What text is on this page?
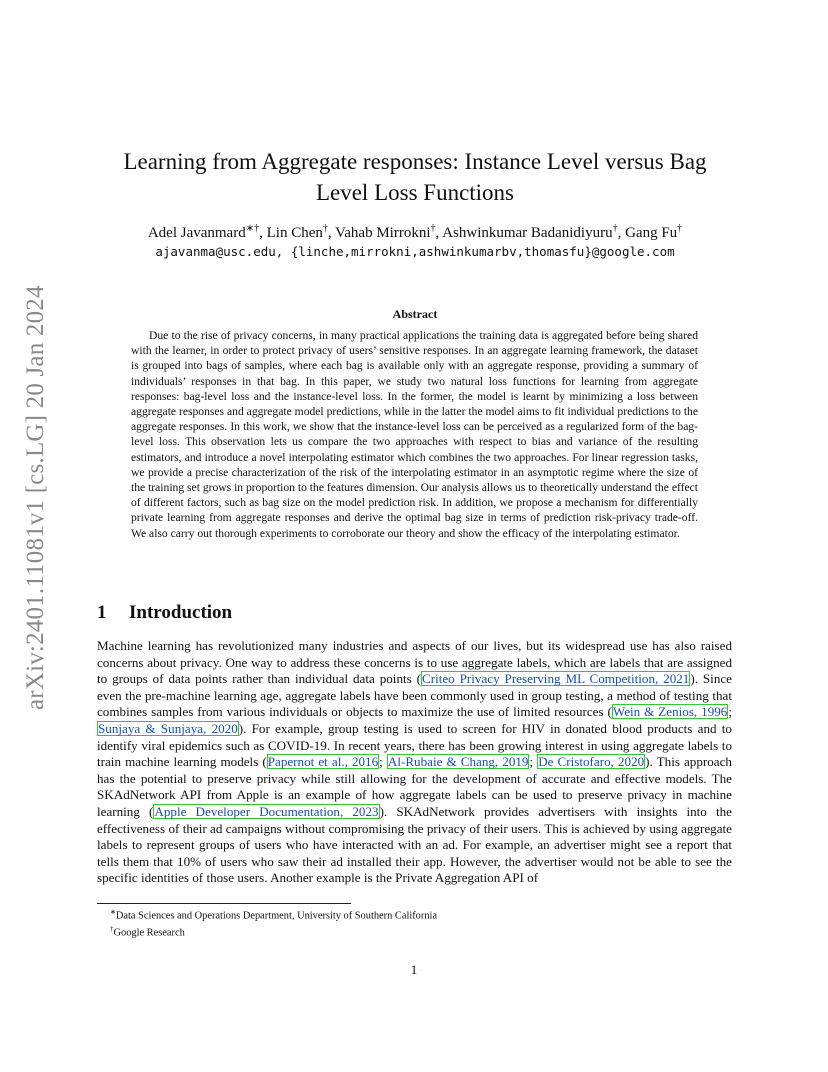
arXiv:2401.11081v1 [cs.LG] 20 Jan 2024
Learning from Aggregate responses: Instance Level versus Bag Level Loss Functions
Adel Javanmard∗†, Lin Chen†, Vahab Mirrokni†, Ashwinkumar Badanidiyuru†, Gang Fu†
ajavanma@usc.edu, {linche,mirrokni,ashwinkumarbv,thomasfu}@google.com
Abstract
Due to the rise of privacy concerns, in many practical applications the training data is aggregated before being shared with the learner, in order to protect privacy of users’ sensitive responses. In an aggregate learning framework, the dataset is grouped into bags of samples, where each bag is available only with an aggregate response, providing a summary of individuals’ responses in that bag. In this paper, we study two natural loss functions for learning from aggregate responses: bag-level loss and the instance-level loss. In the former, the model is learnt by minimizing a loss between aggregate responses and aggregate model predictions, while in the latter the model aims to fit individual predictions to the aggregate responses. In this work, we show that the instance-level loss can be perceived as a regularized form of the bag-level loss. This observation lets us compare the two approaches with respect to bias and variance of the resulting estimators, and introduce a novel interpolating estimator which combines the two approaches. For linear regression tasks, we provide a precise characterization of the risk of the interpolating estimator in an asymptotic regime where the size of the training set grows in proportion to the features dimension. Our analysis allows us to theoretically understand the effect of different factors, such as bag size on the model prediction risk. In addition, we propose a mechanism for differentially private learning from aggregate responses and derive the optimal bag size in terms of prediction risk-privacy trade-off. We also carry out thorough experiments to corroborate our theory and show the efficacy of the interpolating estimator.
1 Introduction
Machine learning has revolutionized many industries and aspects of our lives, but its widespread use has also raised concerns about privacy. One way to address these concerns is to use aggregate labels, which are labels that are assigned to groups of data points rather than individual data points (Criteo Privacy Preserving ML Competition, 2021). Since even the pre-machine learning age, aggregate labels have been commonly used in group testing, a method of testing that combines samples from various individuals or objects to maximize the use of limited resources (Wein & Zenios, 1996; Sunjaya & Sunjaya, 2020). For example, group testing is used to screen for HIV in donated blood products and to identify viral epidemics such as COVID-19. In recent years, there has been growing interest in using aggregate labels to train machine learning models (Papernot et al., 2016; Al-Rubaie & Chang, 2019; De Cristofaro, 2020). This approach has the potential to preserve privacy while still allowing for the development of accurate and effective models. The SKAdNetwork API from Apple is an example of how aggregate labels can be used to preserve privacy in machine learning (Apple Developer Documentation, 2023). SKAdNetwork provides advertisers with insights into the effectiveness of their ad campaigns without compromising the privacy of their users. This is achieved by using aggregate labels to represent groups of users who have interacted with an ad. For example, an advertiser might see a report that tells them that 10% of users who saw their ad installed their app. However, the advertiser would not be able to see the specific identities of those users. Another example is the Private Aggregation API of
∗Data Sciences and Operations Department, University of Southern California
†Google Research
1
